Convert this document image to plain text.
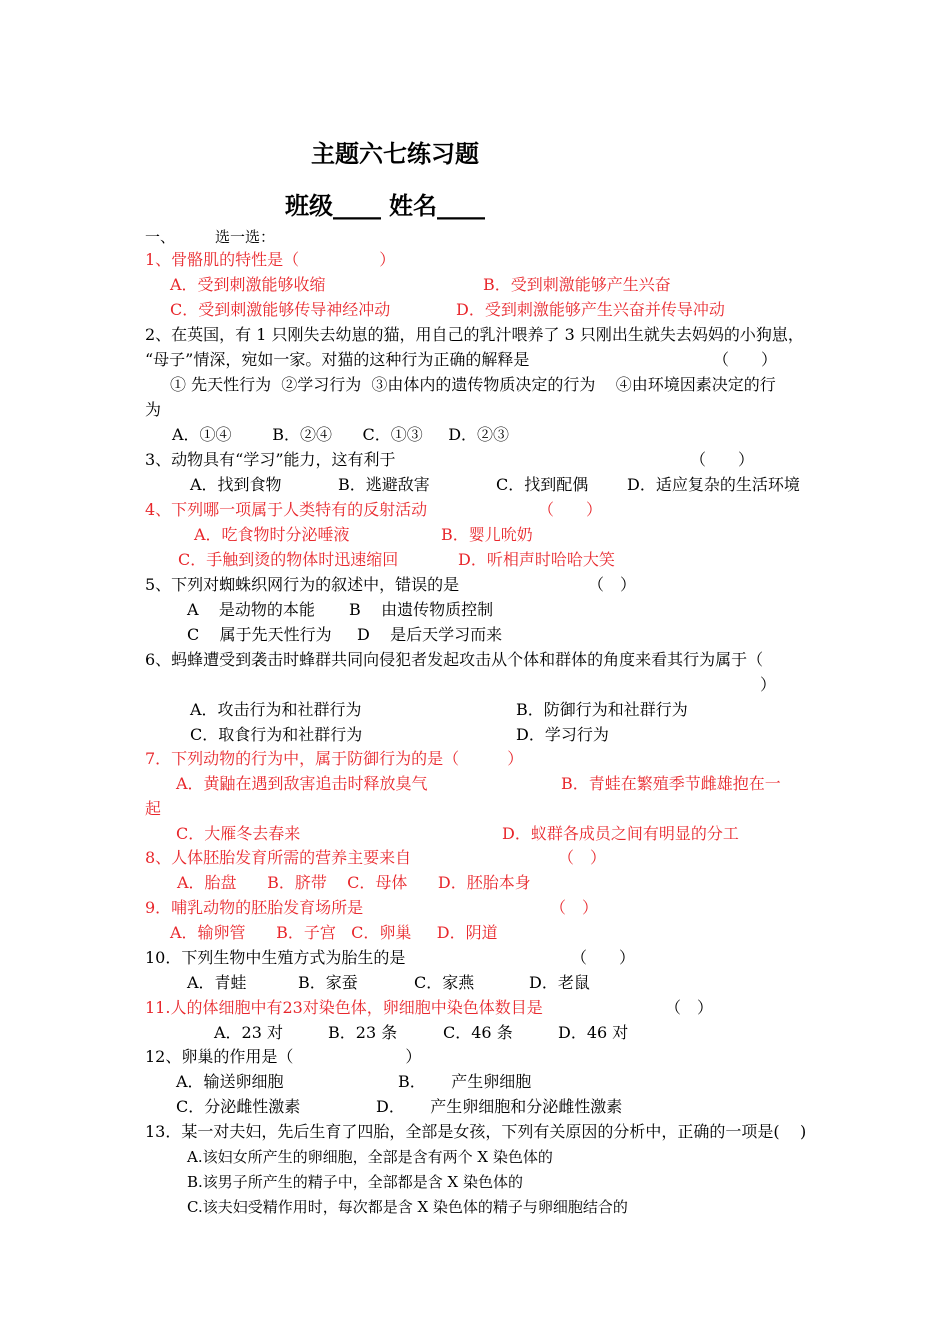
主题六七练习题
班级____ 姓名____
一、	选一选：
1、骨骼肌的特性是（	）
A．受到刺激能够收缩	B．受到刺激能够产生兴奋
C．受到刺激能够传导神经冲动	D．受到刺激能够产生兴奋并传导冲动
2、在英国，有 1 只刚失去幼崽的猫，用自己的乳汁喂养了 3 只刚出生就失去妈妈的小狗崽，
“母子”情深，宛如一家。对猫的这种行为正确的解释是	（　　）
① 先天性行为  ②学习行为  ③由体内的遗传物质决定的行为    ④由环境因素决定的行
为
A．①④        B．②④      C．①③     D．②③
3、动物具有“学习”能力，这有利于	（　　）
A．找到食物	B．逃避敌害	C．找到配偶 D．适应复杂的生活环境
4、下列哪一项属于人类特有的反射活动	（　　）
A．吃食物时分泌唾液	B．婴儿吮奶
C．手触到烫的物体时迅速缩回	D．听相声时哈哈大笑
5、下列对蜘蛛织网行为的叙述中，错误的是	（　）
A    是动物的本能 B    由遗传物质控制
C    属于先天性行为 D    是后天学习而来
6、蚂蜂遭受到袭击时蜂群共同向侵犯者发起攻击从个体和群体的角度来看其行为属于（
）
A．攻击行为和社群行为	B．防御行为和社群行为
C．取食行为和社群行为	D．学习行为
7．下列动物的行为中，属于防御行为的是（	）
A．黄鼬在遇到敌害追击时释放臭气	B．青蛙在繁殖季节雌雄抱在一
起
C．大雁冬去春来	D．蚁群各成员之间有明显的分工
8、人体胚胎发育所需的营养主要来自	（　）
A．胎盘      B．脐带    C．母体      D．胚胎本身
9．哺乳动物的胚胎发育场所是	（　）
A．输卵管      B．子宫   C．卵巢     D．阴道
10．下列生物中生殖方式为胎生的是	（　　）
A．青蛙	B．家蚕	C．家燕	D．老鼠
11.人的体细胞中有23对染色体，卵细胞中染色体数目是	（　）
A．23 对	B．23 条	C．46 条	D．46 对
12、卵巢的作用是（	）
A．输送卵细胞	B．     产生卵细胞
C．分泌雌性激素	D．     产生卵细胞和分泌雌性激素
13．某一对夫妇，先后生育了四胎，全部是女孩，下列有关原因的分析中，正确的一项是(    )
A.该妇女所产生的卵细胞，全部是含有两个 X 染色体的
B.该男子所产生的精子中，全部都是含 X 染色体的
C.该夫妇受精作用时，每次都是含 X 染色体的精子与卵细胞结合的
